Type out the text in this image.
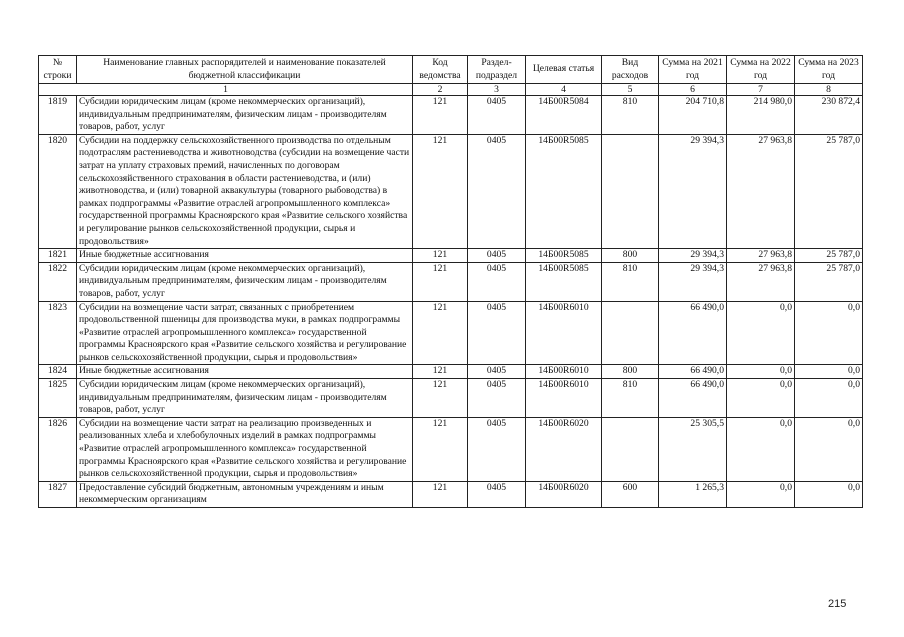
№ строки	Наименование главных распорядителей и наименование показателей бюджетной классификации	Код ведомства	Раздел-подраздел	Целевая статья	Вид расходов	Сумма на 2021 год	Сумма на 2022 год	Сумма на 2023 год
1		2	3	4	5	6	7	8
1819	Субсидии юридическим лицам (кроме некоммерческих организаций), индивидуальным предпринимателям, физическим лицам - производителям товаров, работ, услуг	121	0405	14Б00R5084	810	204 710,8	214 980,0	230 872,4
1820	Субсидии на поддержку сельскохозяйственного производства по отдельным подотраслям растениеводства и животноводства (субсидии на возмещение части затрат на уплату страховых премий, начисленных по договорам сельскохозяйственного страхования в области растениеводства, и (или) животноводства, и (или) товарной аквакультуры (товарного рыбоводства) в рамках подпрограммы «Развитие отраслей агропромышленного комплекса» государственной программы Красноярского края «Развитие сельского хозяйства и регулирование рынков сельскохозяйственной продукции, сырья и продовольствия»	121	0405	14Б00R5085		29 394,3	27 963,8	25 787,0
1821	Иные бюджетные ассигнования	121	0405	14Б00R5085	800	29 394,3	27 963,8	25 787,0
1822	Субсидии юридическим лицам (кроме некоммерческих организаций), индивидуальным предпринимателям, физическим лицам - производителям товаров, работ, услуг	121	0405	14Б00R5085	810	29 394,3	27 963,8	25 787,0
1823	Субсидии на возмещение части затрат, связанных с приобретением продовольственной пшеницы для производства муки, в рамках подпрограммы «Развитие отраслей агропромышленного комплекса» государственной программы Красноярского края «Развитие сельского хозяйства и регулирование рынков сельскохозяйственной продукции, сырья и продовольствия»	121	0405	14Б00R6010		66 490,0	0,0	0,0
1824	Иные бюджетные ассигнования	121	0405	14Б00R6010	800	66 490,0	0,0	0,0
1825	Субсидии юридическим лицам (кроме некоммерческих организаций), индивидуальным предпринимателям, физическим лицам - производителям товаров, работ, услуг	121	0405	14Б00R6010	810	66 490,0	0,0	0,0
1826	Субсидии на возмещение части затрат на реализацию произведенных и реализованных хлеба и хлебобулочных изделий в рамках подпрограммы «Развитие отраслей агропромышленного комплекса» государственной программы Красноярского края «Развитие сельского хозяйства и регулирование рынков сельскохозяйственной продукции, сырья и продовольствия»	121	0405	14Б00R6020		25 305,5	0,0	0,0
1827	Предоставление субсидий бюджетным, автономным учреждениям и иным некоммерческим организациям	121	0405	14Б00R6020	600	1 265,3	0,0	0,0
215
